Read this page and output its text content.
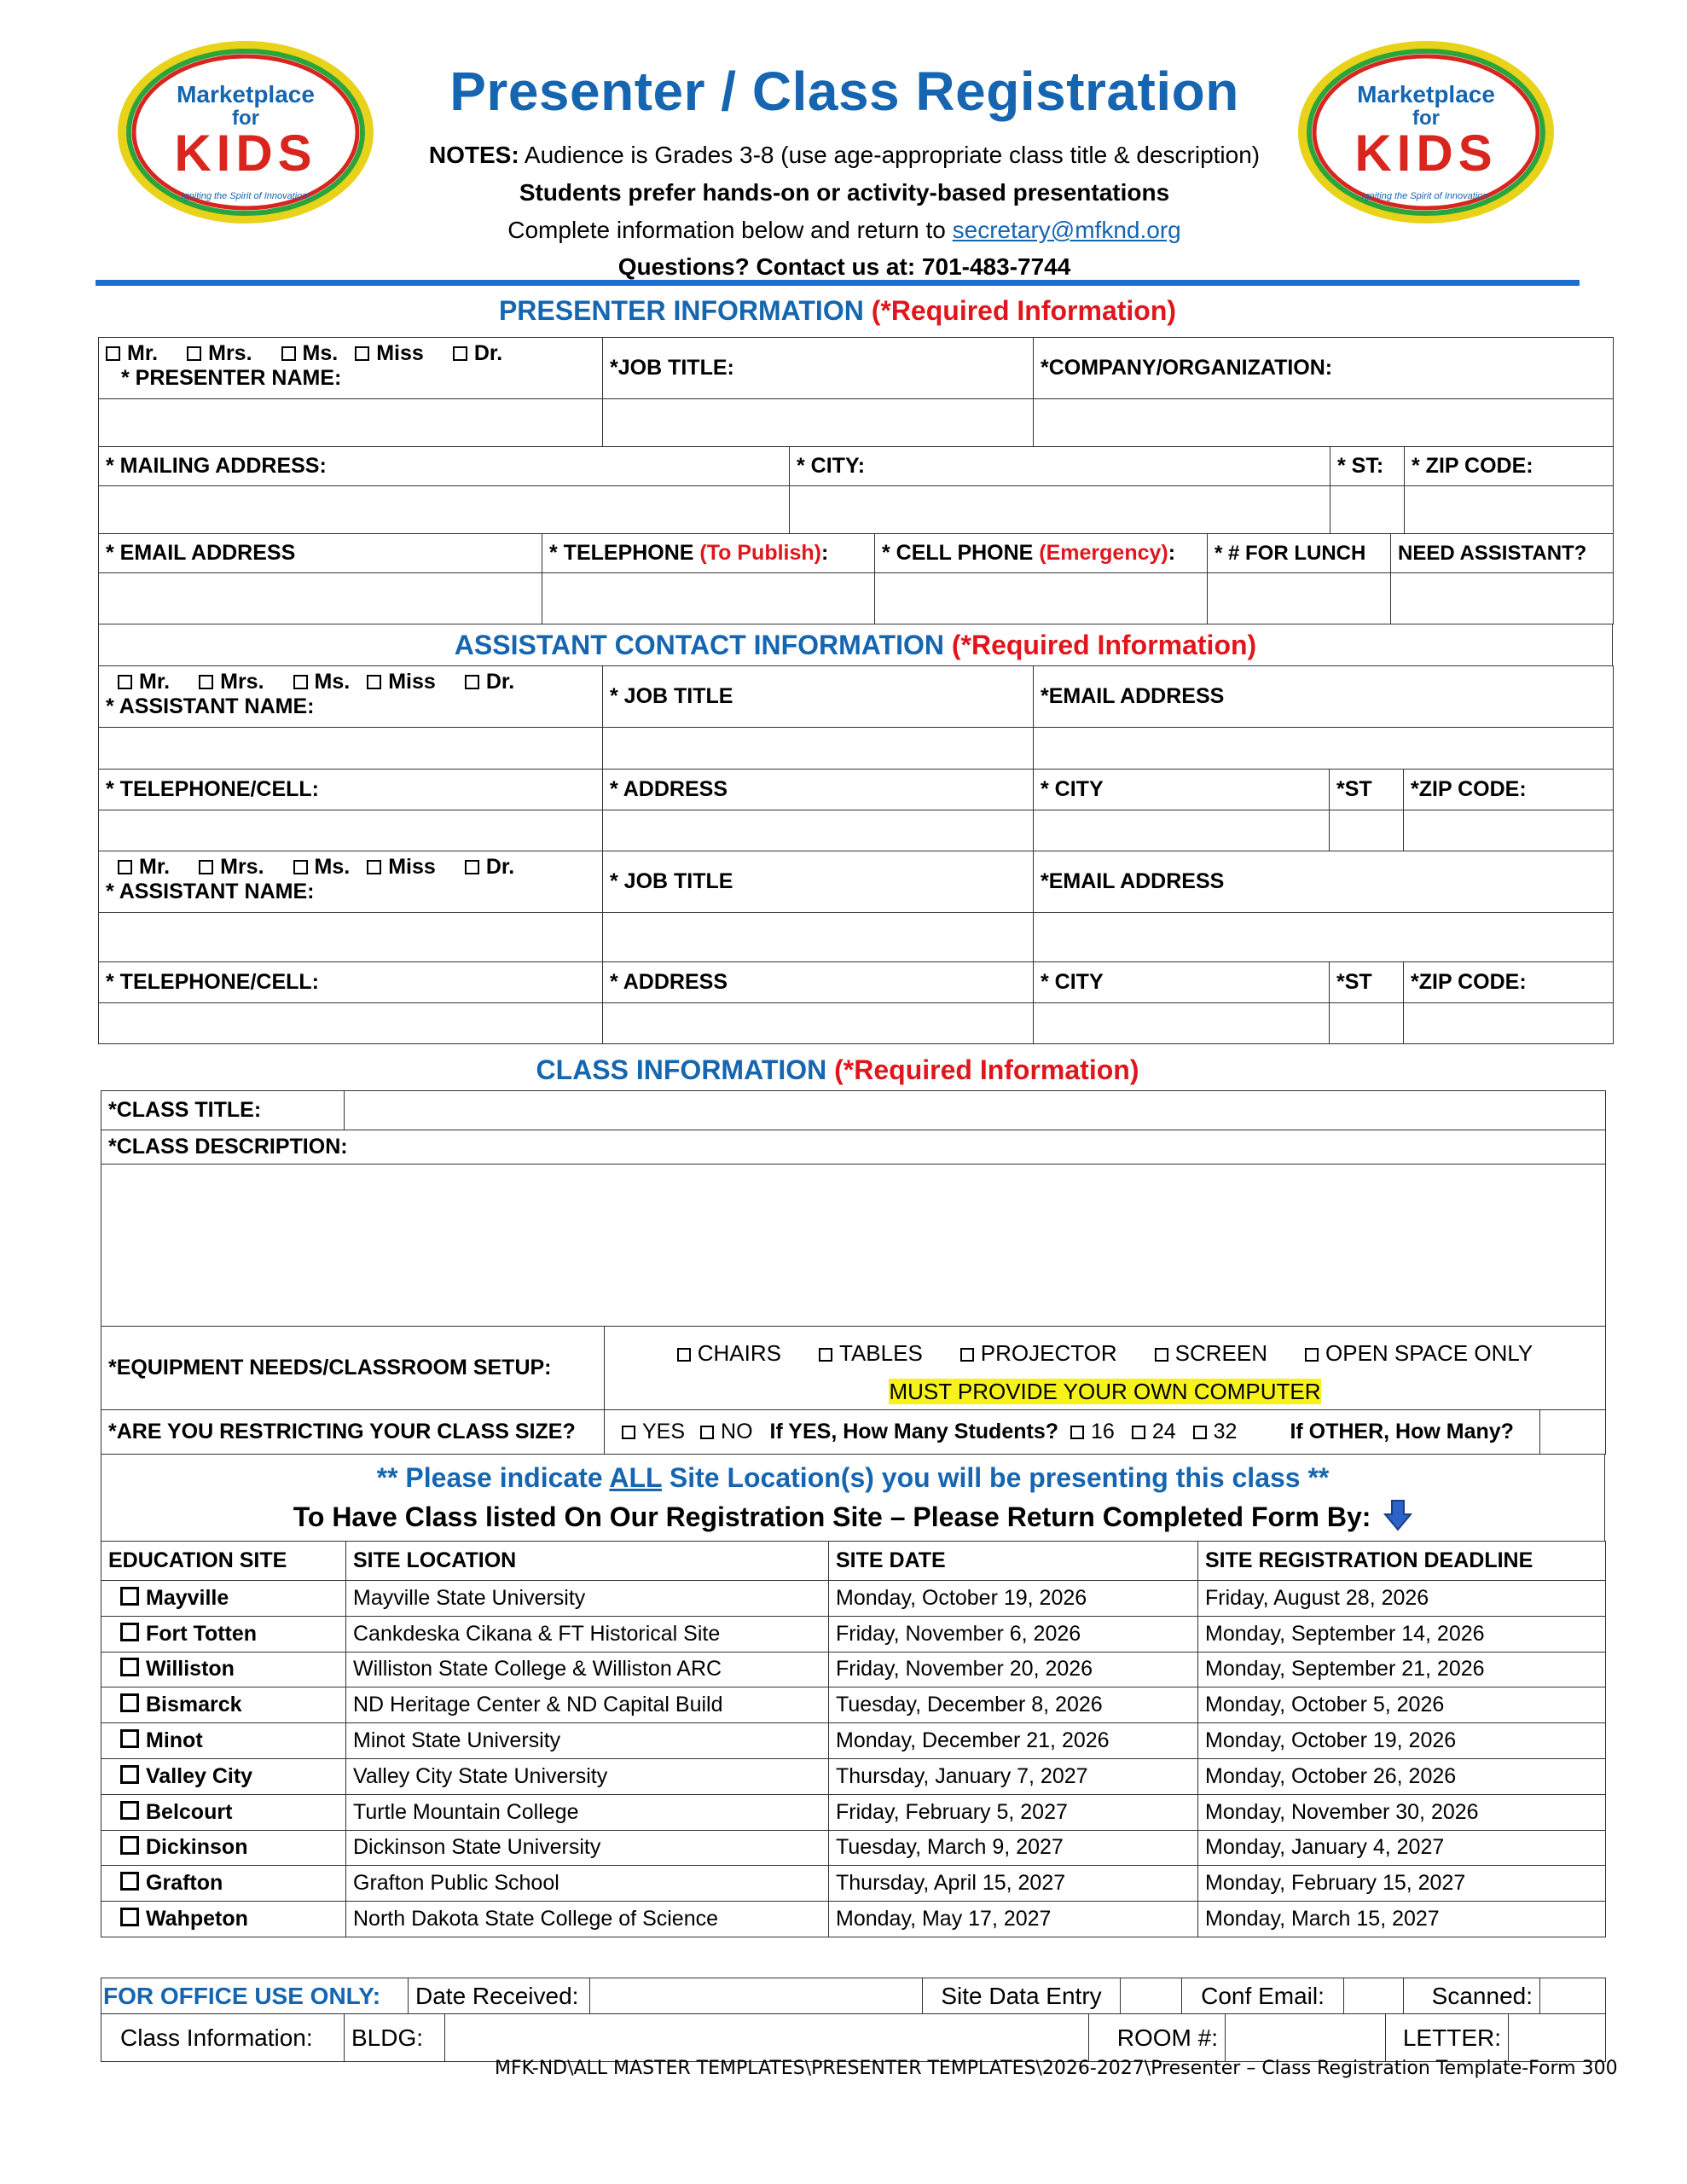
Marketplace
for
KIDS
Igniting the Spirit of Innovation!
Marketplace
for
KIDS
Igniting the Spirit of Innovation!
Presenter / Class Registration
NOTES: Audience is Grades 3-8 (use age-appropriate class title & description)
Students prefer hands-on or activity-based presentations
Complete information below and return to secretary@mfknd.org
Questions? Contact us at: 701-483-7744
PRESENTER INFORMATION (*Required Information)
Mr. Mrs. Ms. Miss Dr.
* PRESENTER NAME:	*JOB TITLE:	*COMPANY/ORGANIZATION:

* MAILING ADDRESS:	* CITY:	* ST:	* ZIP CODE:

* EMAIL ADDRESS	* TELEPHONE (To Publish):	* CELL PHONE (Emergency):	* # FOR LUNCH	NEED ASSISTANT?

ASSISTANT CONTACT INFORMATION (*Required Information)
Mr. Mrs. Ms. Miss Dr.
* ASSISTANT NAME:	* JOB TITLE	*EMAIL ADDRESS		

* TELEPHONE/CELL:	* ADDRESS	* CITY	*ST	*ZIP CODE:

Mr. Mrs. Ms. Miss Dr.
* ASSISTANT NAME:	* JOB TITLE	*EMAIL ADDRESS		

* TELEPHONE/CELL:	* ADDRESS	* CITY	*ST	*ZIP CODE:

CLASS INFORMATION (*Required Information)
*CLASS TITLE:	
*CLASS DESCRIPTION:

*EQUIPMENT NEEDS/CLASSROOM SETUP:	
CHAIRS	TABLES	PROJECTOR	SCREEN	OPEN SPACE ONLY
MUST PROVIDE YOUR OWN COMPUTER
*ARE YOU RESTRICTING YOUR CLASS SIZE?	YES NO If YES, How Many Students? 16 24 32 If OTHER, How Many?	
** Please indicate ALL Site Location(s) you will be presenting this class **
To Have Class listed On Our Registration Site – Please Return Completed Form By:
EDUCATION SITE	SITE LOCATION	SITE DATE	SITE REGISTRATION DEADLINE
Mayville	Mayville State University	Monday, October 19, 2026	Friday, August 28, 2026
Fort Totten	Cankdeska Cikana & FT Historical Site	Friday, November 6, 2026	Monday, September 14, 2026
Williston	Williston State College & Williston ARC	Friday, November 20, 2026	Monday, September 21, 2026
Bismarck	ND Heritage Center & ND Capital Build	Tuesday, December 8, 2026	Monday, October 5, 2026
Minot	Minot State University	Monday, December 21, 2026	Monday, October 19, 2026
Valley City	Valley City State University	Thursday, January 7, 2027	Monday, October 26, 2026
Belcourt	Turtle Mountain College	Friday, February 5, 2027	Monday, November 30, 2026
Dickinson	Dickinson State University	Tuesday, March 9, 2027	Monday, January 4, 2027
Grafton	Grafton Public School	Thursday, April 15, 2027	Monday, February 15, 2027
Wahpeton	North Dakota State College of Science	Monday, May 17, 2027	Monday, March 15, 2027
FOR OFFICE USE ONLY:	Date Received:		Site Data Entry		Conf Email:		Scanned:	
Class Information:	BLDG:		ROOM #:		LETTER:	
MFK-ND\ALL MASTER TEMPLATES\PRESENTER TEMPLATES\2026-2027\Presenter – Class Registration Template-Form 300
